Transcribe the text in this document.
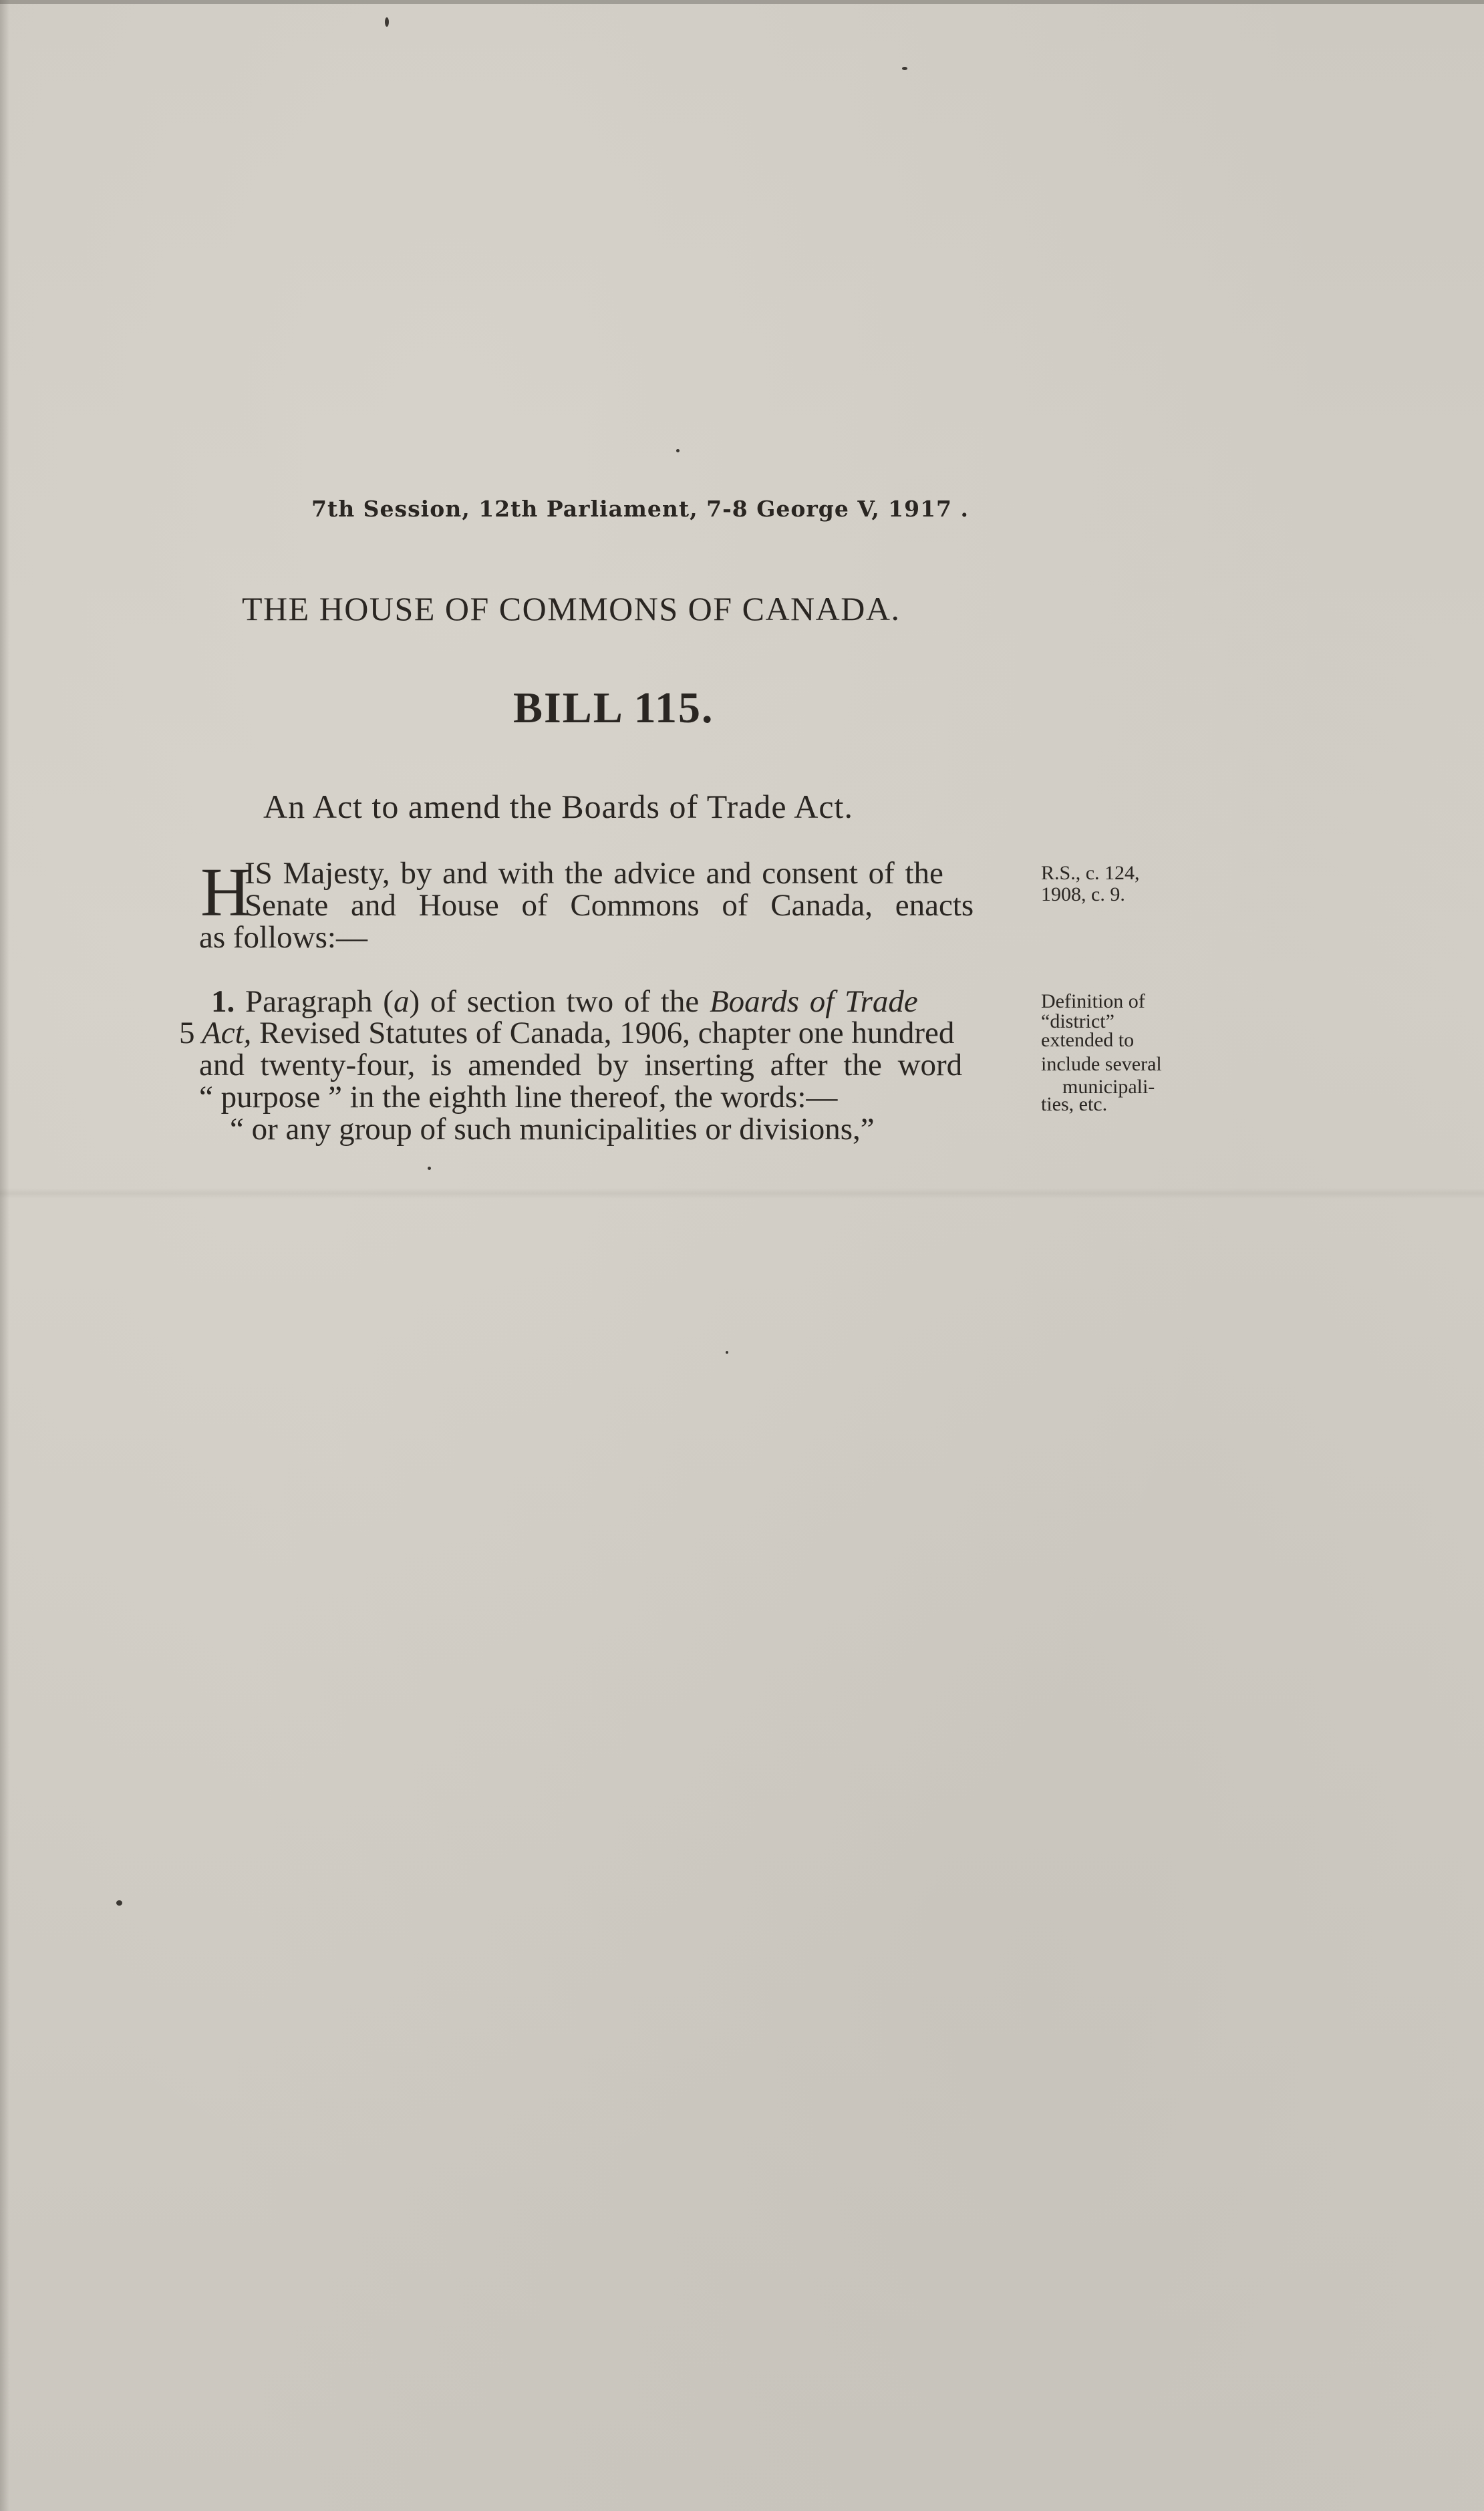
7th Session, 12th Parliament, 7-8 George V, 1917 .
THE HOUSE OF COMMONS OF CANADA.
BILL 115.
An Act to amend the Boards of Trade Act.
H
IS Majesty, by and with the advice and consent of the
Senate and House of Commons of Canada, enacts
as follows:—
R.S., c. 124,
1908, c. 9.
1. Paragraph (a) of section two of the Boards of Trade
5 Act, Revised Statutes of Canada, 1906, chapter one hundred
and twenty-four, is amended by inserting after the word
“ purpose ” in the eighth line thereof, the words:—
“ or any group of such municipalities or divisions,”
Definition of
“district”
extended to
include several
municipali-
ties, etc.
